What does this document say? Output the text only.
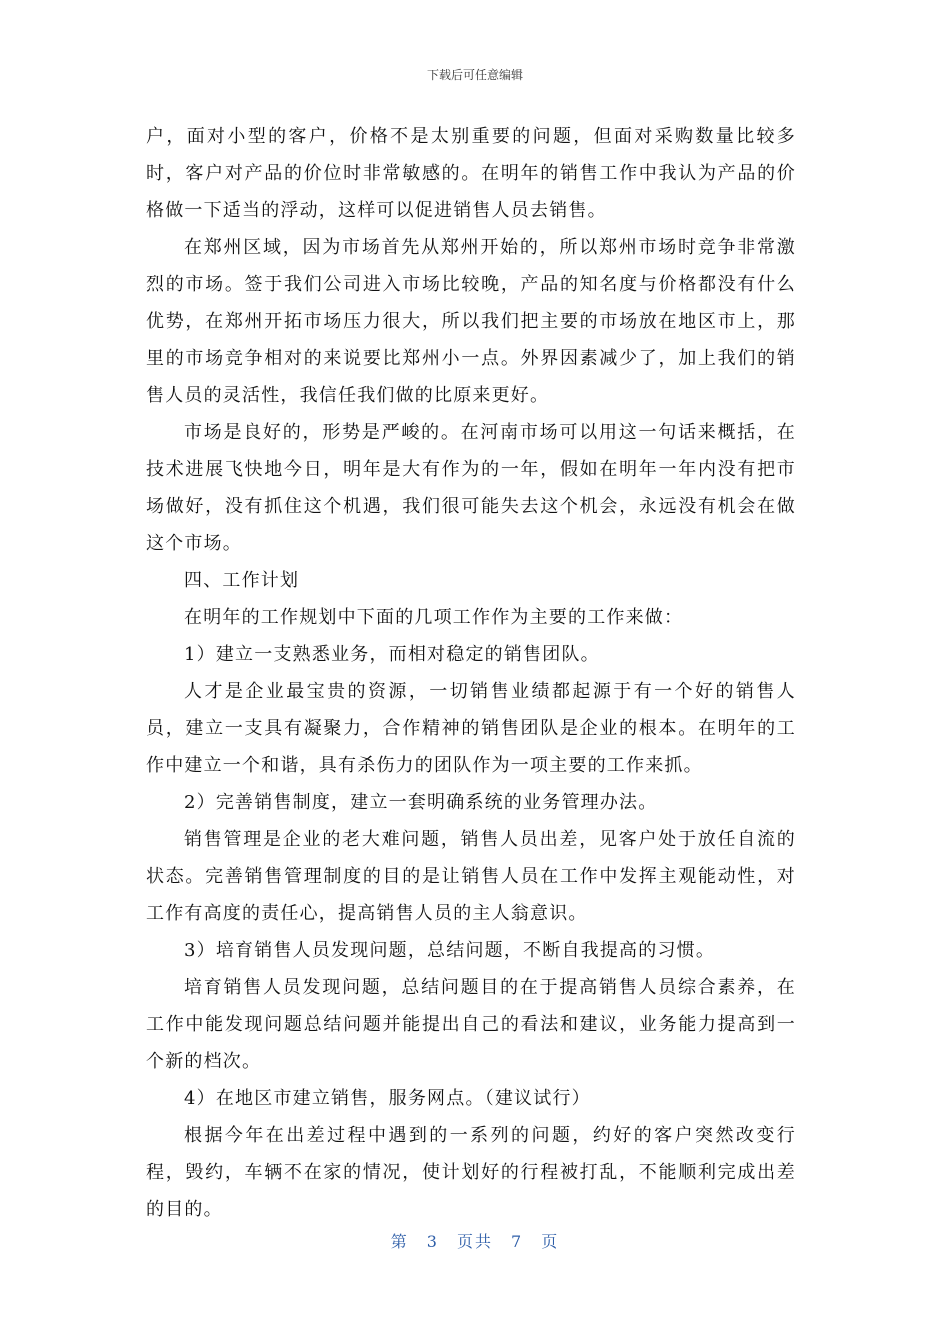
下载后可任意编辑

户，面对小型的客户，价格不是太别重要的问题，但面对采购数量比较多时，客户对产品的价位时非常敏感的。在明年的销售工作中我认为产品的价格做一下适当的浮动，这样可以促进销售人员去销售。

在郑州区域，因为市场首先从郑州开始的，所以郑州市场时竞争非常激烈的市场。签于我们公司进入市场比较晚，产品的知名度与价格都没有什么优势，在郑州开拓市场压力很大，所以我们把主要的市场放在地区市上，那里的市场竞争相对的来说要比郑州小一点。外界因素减少了，加上我们的销售人员的灵活性，我信任我们做的比原来更好。

市场是良好的，形势是严峻的。在河南市场可以用这一句话来概括，在技术进展飞快地今日，明年是大有作为的一年，假如在明年一年内没有把市场做好，没有抓住这个机遇，我们很可能失去这个机会，永远没有机会在做这个市场。

四、工作计划

在明年的工作规划中下面的几项工作作为主要的工作来做：

1）建立一支熟悉业务，而相对稳定的销售团队。

人才是企业最宝贵的资源，一切销售业绩都起源于有一个好的销售人员，建立一支具有凝聚力，合作精神的销售团队是企业的根本。在明年的工作中建立一个和谐，具有杀伤力的团队作为一项主要的工作来抓。

2）完善销售制度，建立一套明确系统的业务管理办法。

销售管理是企业的老大难问题，销售人员出差，见客户处于放任自流的状态。完善销售管理制度的目的是让销售人员在工作中发挥主观能动性，对工作有高度的责任心，提高销售人员的主人翁意识。

3）培育销售人员发现问题，总结问题，不断自我提高的习惯。

培育销售人员发现问题，总结问题目的在于提高销售人员综合素养，在工作中能发现问题总结问题并能提出自己的看法和建议，业务能力提高到一个新的档次。

4）在地区市建立销售，服务网点。（建议试行）

根据今年在出差过程中遇到的一系列的问题，约好的客户突然改变行程，毁约，车辆不在家的情况，使计划好的行程被打乱，不能顺利完成出差的目的。

第 3 页共 7 页
